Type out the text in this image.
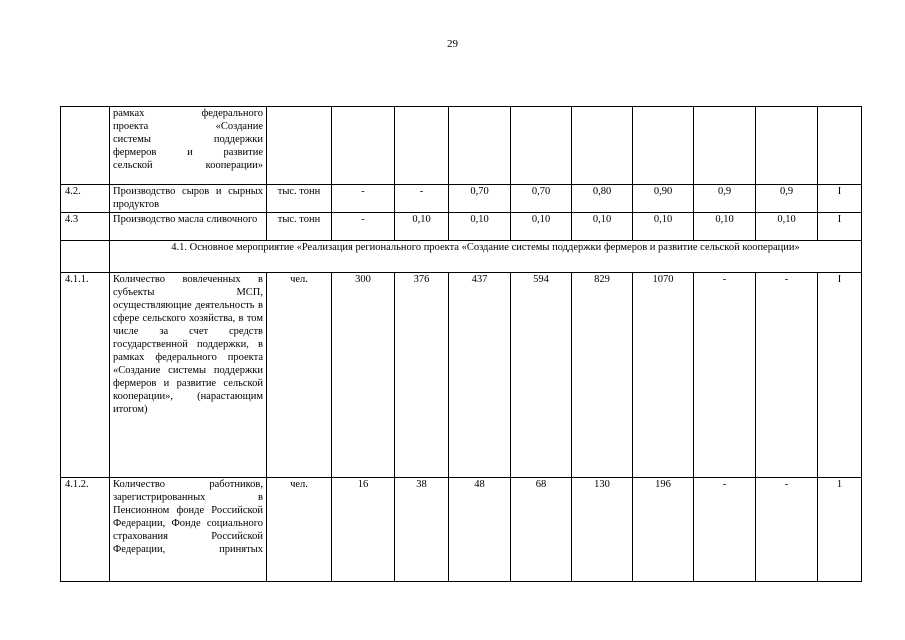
29

	рамках федерального
проекта «Создание
системы поддержки
фермеров и развитие
сельской кооперации»										

4.2.	Производство сыров и сырных продуктов	тыс. тонн	-	-	0,70	0,70	0,80	0,90	0,9	0,9	I
4.3	Производство масла сливочного	тыс. тонн	-	0,10	0,10	0,10	0,10	0,10	0,10	0,10	I
	4.1. Основное мероприятие «Реализация регионального проекта «Создание системы поддержки фермеров и развитие сельской кооперации»										
4.1.1.	Количество вовлеченных в субъекты МСП, осуществляющие деятельность в сфере сельского хозяйства, в том числе за счет средств государственной поддержки, в рамках федерального проекта «Создание системы поддержки фермеров и развитие сельской кооперации», (нарастающим итогом)	чел.	300	376	437	594	829	1070	-	-	I
4.1.2.	Количество работников, зарегистрированных в Пенсионном фонде Российской Федерации, Фонде социального страхования Российской Федерации, принятых	чел.	16	38	48	68	130	196	-	-	1
